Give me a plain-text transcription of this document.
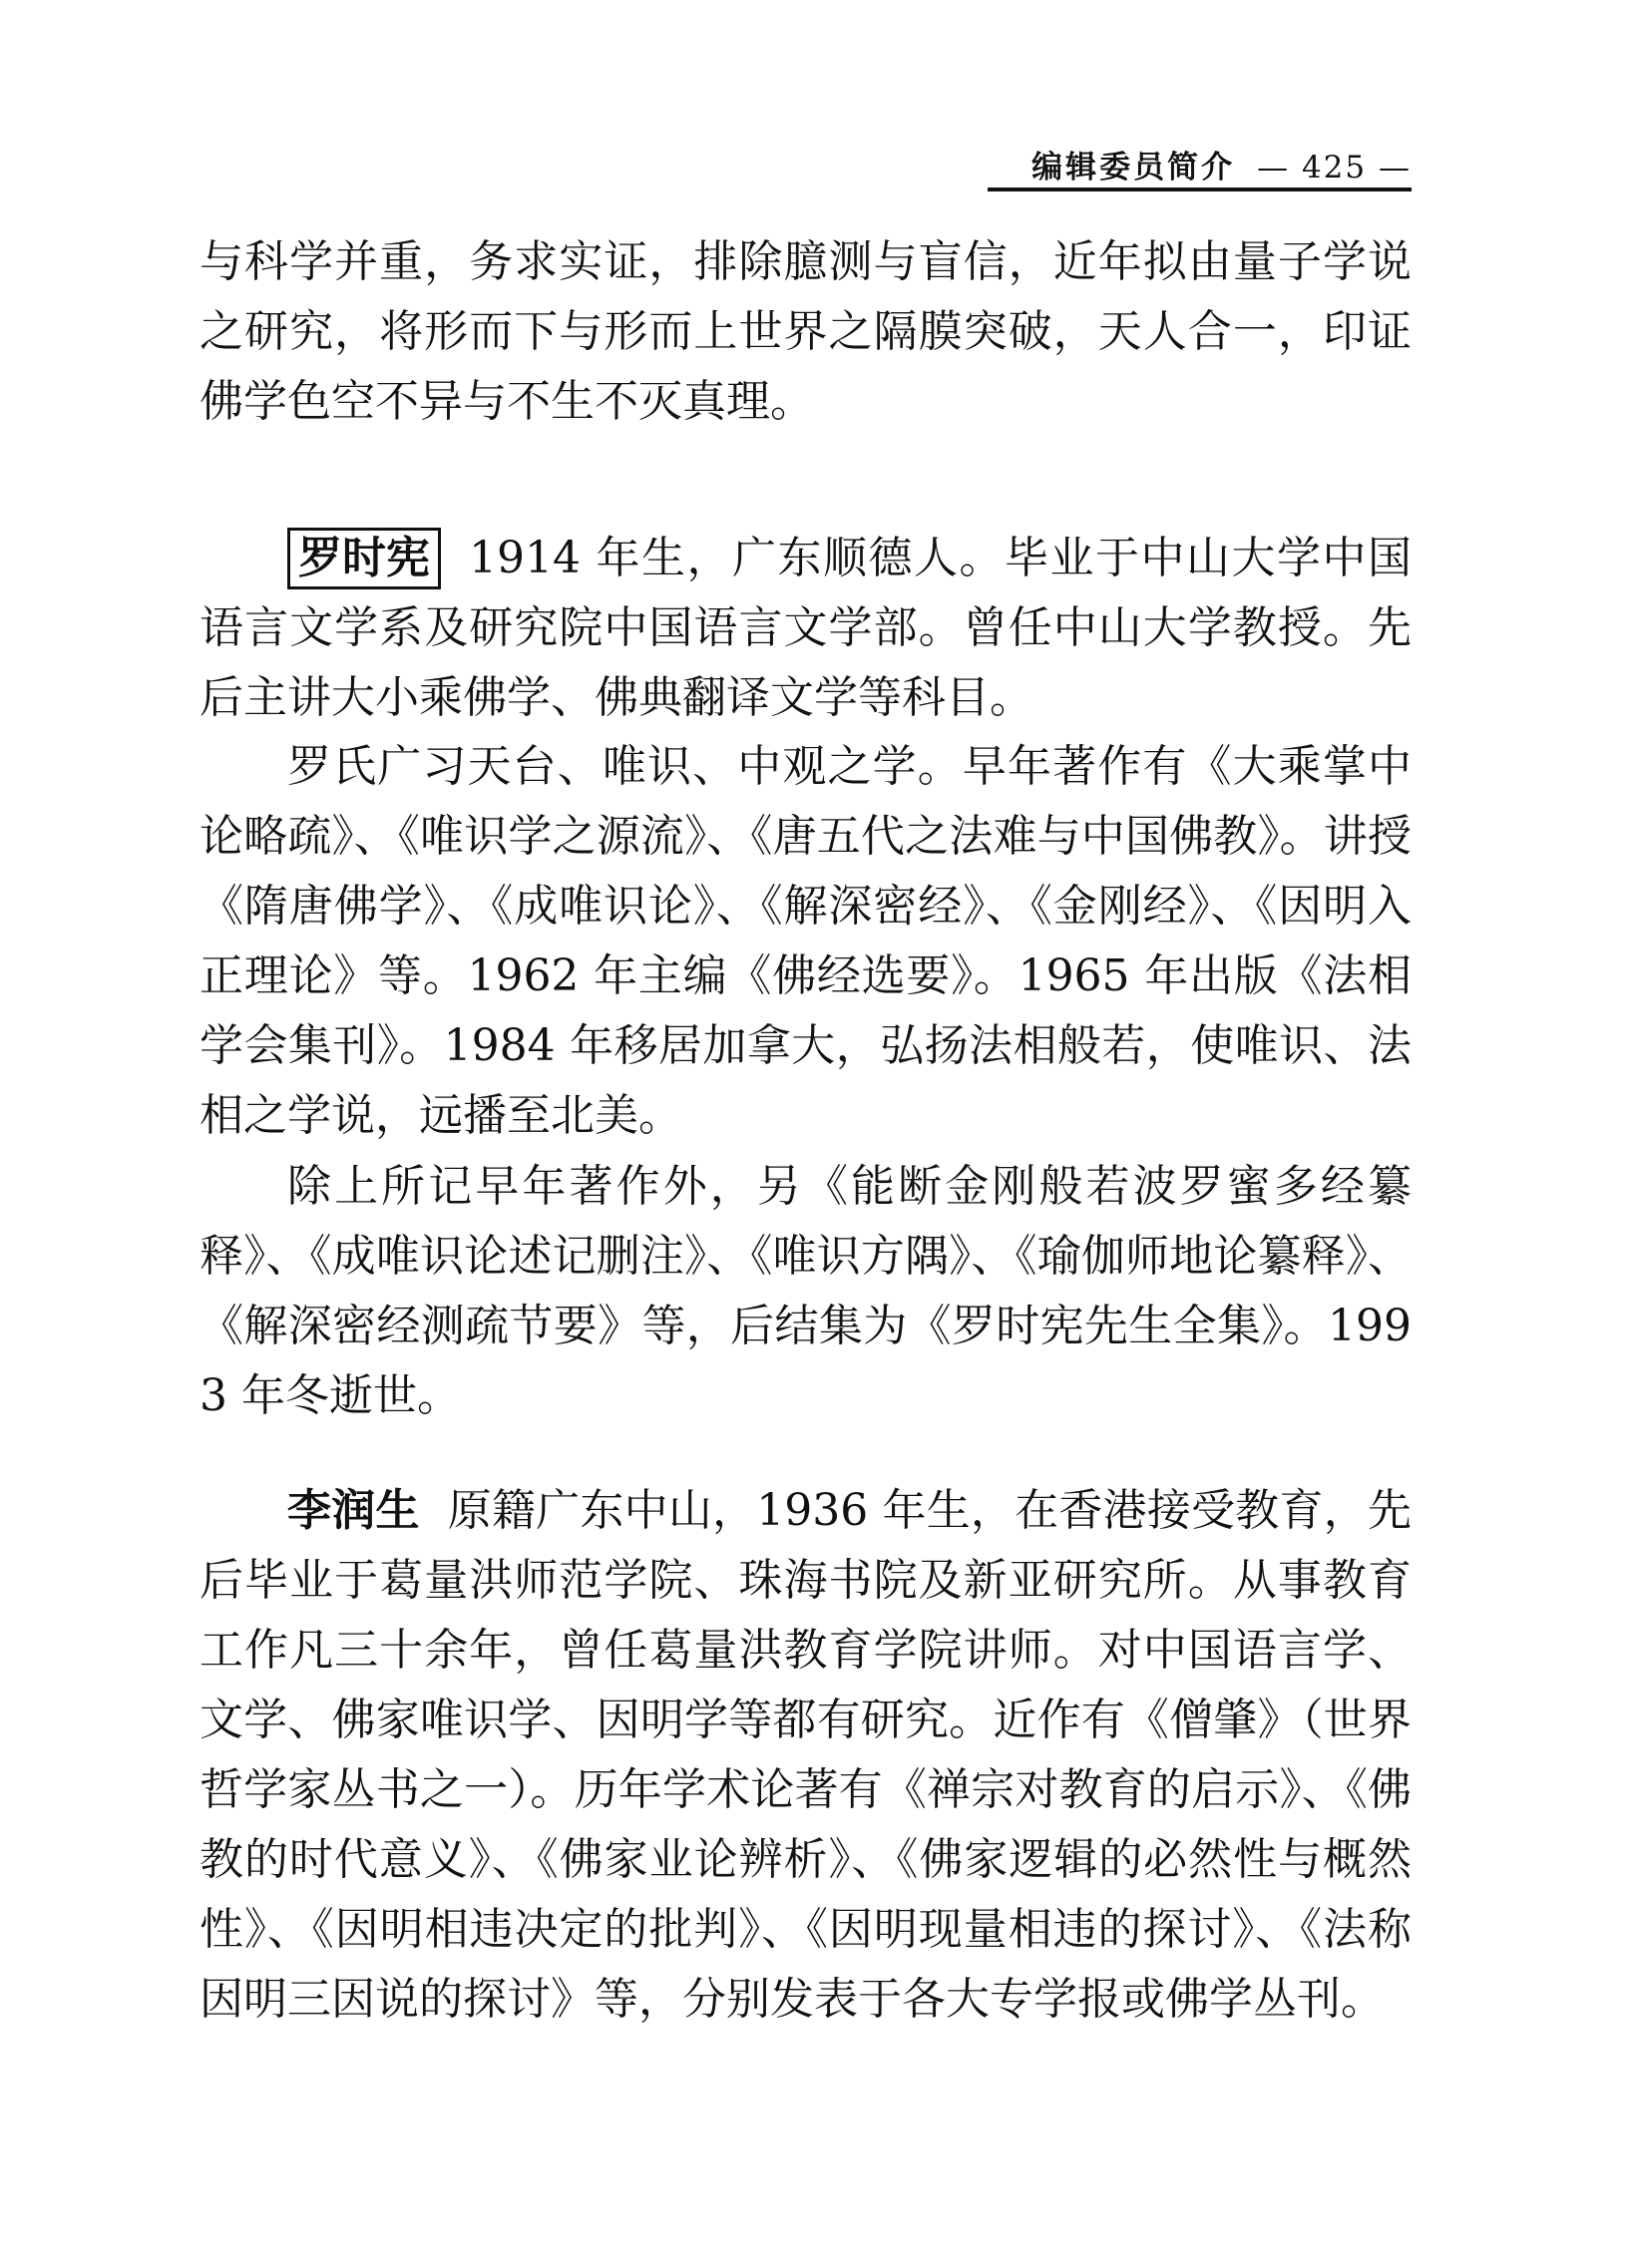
编辑委员简介 — 425 —

与科学并重，务求实证，排除臆测与盲信，近年拟由量子学说之研究，将形而下与形而上世界之隔膜突破，天人合一，印证佛学色空不异与不生不灭真理。

罗时宪 1914 年生，广东顺德人。毕业于中山大学中国语言文学系及研究院中国语言文学部。曾任中山大学教授。先后主讲大小乘佛学、佛典翻译文学等科目。

罗氏广习天台、唯识、中观之学。早年著作有《大乘掌中论略疏》、《唯识学之源流》、《唐五代之法难与中国佛教》。讲授《隋唐佛学》、《成唯识论》、《解深密经》、《金刚经》、《因明入正理论》等。1962 年主编《佛经选要》。1965 年出版《法相学会集刊》。1984 年移居加拿大，弘扬法相般若，使唯识、法相之学说，远播至北美。

除上所记早年著作外，另《能断金刚般若波罗蜜多经纂释》、《成唯识论述记删注》、《唯识方隅》、《瑜伽师地论纂释》、《解深密经测疏节要》等，后结集为《罗时宪先生全集》。1993 年冬逝世。

李润生 原籍广东中山，1936 年生，在香港接受教育，先后毕业于葛量洪师范学院、珠海书院及新亚研究所。从事教育工作凡三十余年，曾任葛量洪教育学院讲师。对中国语言学、文学、佛家唯识学、因明学等都有研究。近作有《僧肇》（世界哲学家丛书之一）。历年学术论著有《禅宗对教育的启示》、《佛教的时代意义》、《佛家业论辨析》、《佛家逻辑的必然性与概然性》、《因明相违决定的批判》、《因明现量相违的探讨》、《法称因明三因说的探讨》等，分别发表于各大专学报或佛学丛刊。
